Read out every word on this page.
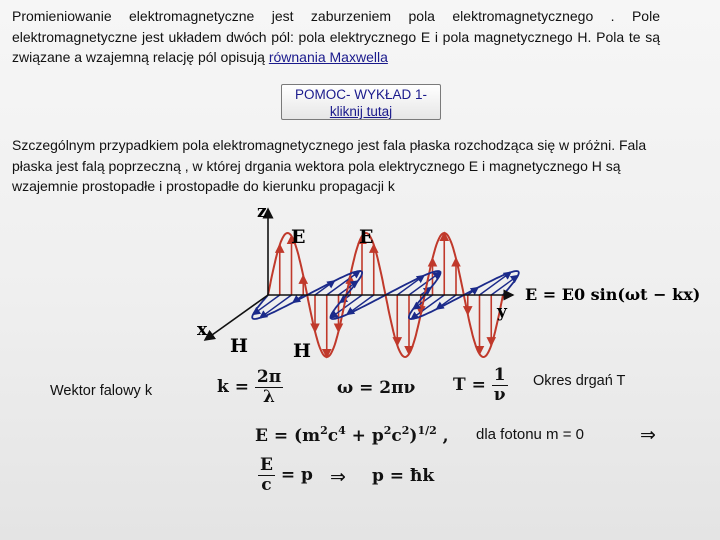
Promieniowanie elektromagnetyczne jest zaburzeniem pola elektromagnetycznego . Pole elektromagnetyczne jest układem dwóch pól: pola elektrycznego E i pola magnetycznego H. Pola te są związane a wzajemną relację pól opisują równania Maxwella
POMOC- WYKŁAD 1-
kliknij tutaj
Szczególnym przypadkiem pola elektromagnetycznego jest fala płaska rozchodząca się w próżni. Fala płaska jest falą poprzeczną , w której drgania wektora pola elektrycznego E i magnetycznego H są wzajemnie prostopadłe i prostopadłe do kierunku propagacji k
z
x
y
E	E
H H
E = E0 sin(ωt − kx)
Wektor falowy k
Okres drgań T
dla fotonu m = 0
$k = \frac{2\pi}{\lambda}$	ω = 2πν $T = \frac{1}{\nu}$
$E = (m^2c^4 + p^2c^2)^{1/2}$ ,	⇒
$\frac{E}{c} = p$ ⇒ p = ħk
